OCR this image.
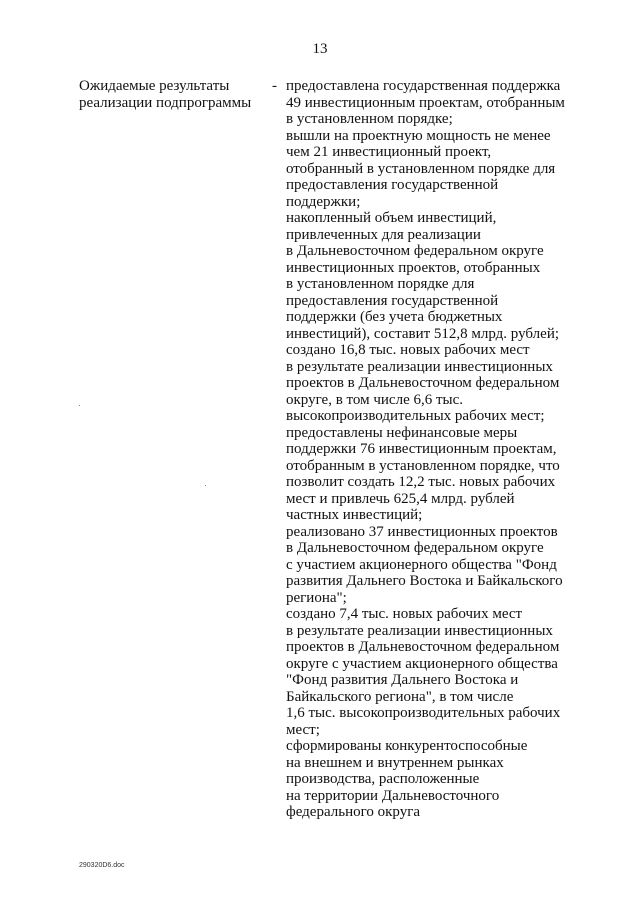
13
Ожидаемые результаты
реализации подпрограммы
- предоставлена государственная поддержка
49 инвестиционным проектам, отобранным
в установленном порядке;
вышли на проектную мощность не менее
чем 21 инвестиционный проект,
отобранный в установленном порядке для
предоставления государственной
поддержки;
накопленный объем инвестиций,
привлеченных для реализации
в Дальневосточном федеральном округе
инвестиционных проектов, отобранных
в установленном порядке для
предоставления государственной
поддержки (без учета бюджетных
инвестиций), составит 512,8 млрд. рублей;
создано 16,8 тыс. новых рабочих мест
в результате реализации инвестиционных
проектов в Дальневосточном федеральном
округе, в том числе 6,6 тыс.
высокопроизводительных рабочих мест;
предоставлены нефинансовые меры
поддержки 76 инвестиционным проектам,
отобранным в установленном порядке, что
позволит создать 12,2 тыс. новых рабочих
мест и привлечь 625,4 млрд. рублей
частных инвестиций;
реализовано 37 инвестиционных проектов
в Дальневосточном федеральном округе
с участием акционерного общества "Фонд
развития Дальнего Востока и Байкальского
региона";
создано 7,4 тыс. новых рабочих мест
в результате реализации инвестиционных
проектов в Дальневосточном федеральном
округе с участием акционерного общества
"Фонд развития Дальнего Востока и
Байкальского региона", в том числе
1,6 тыс. высокопроизводительных рабочих
мест;
сформированы конкурентоспособные
на внешнем и внутреннем рынках
производства, расположенные
на территории Дальневосточного
федерального округа
290320D6.doc
